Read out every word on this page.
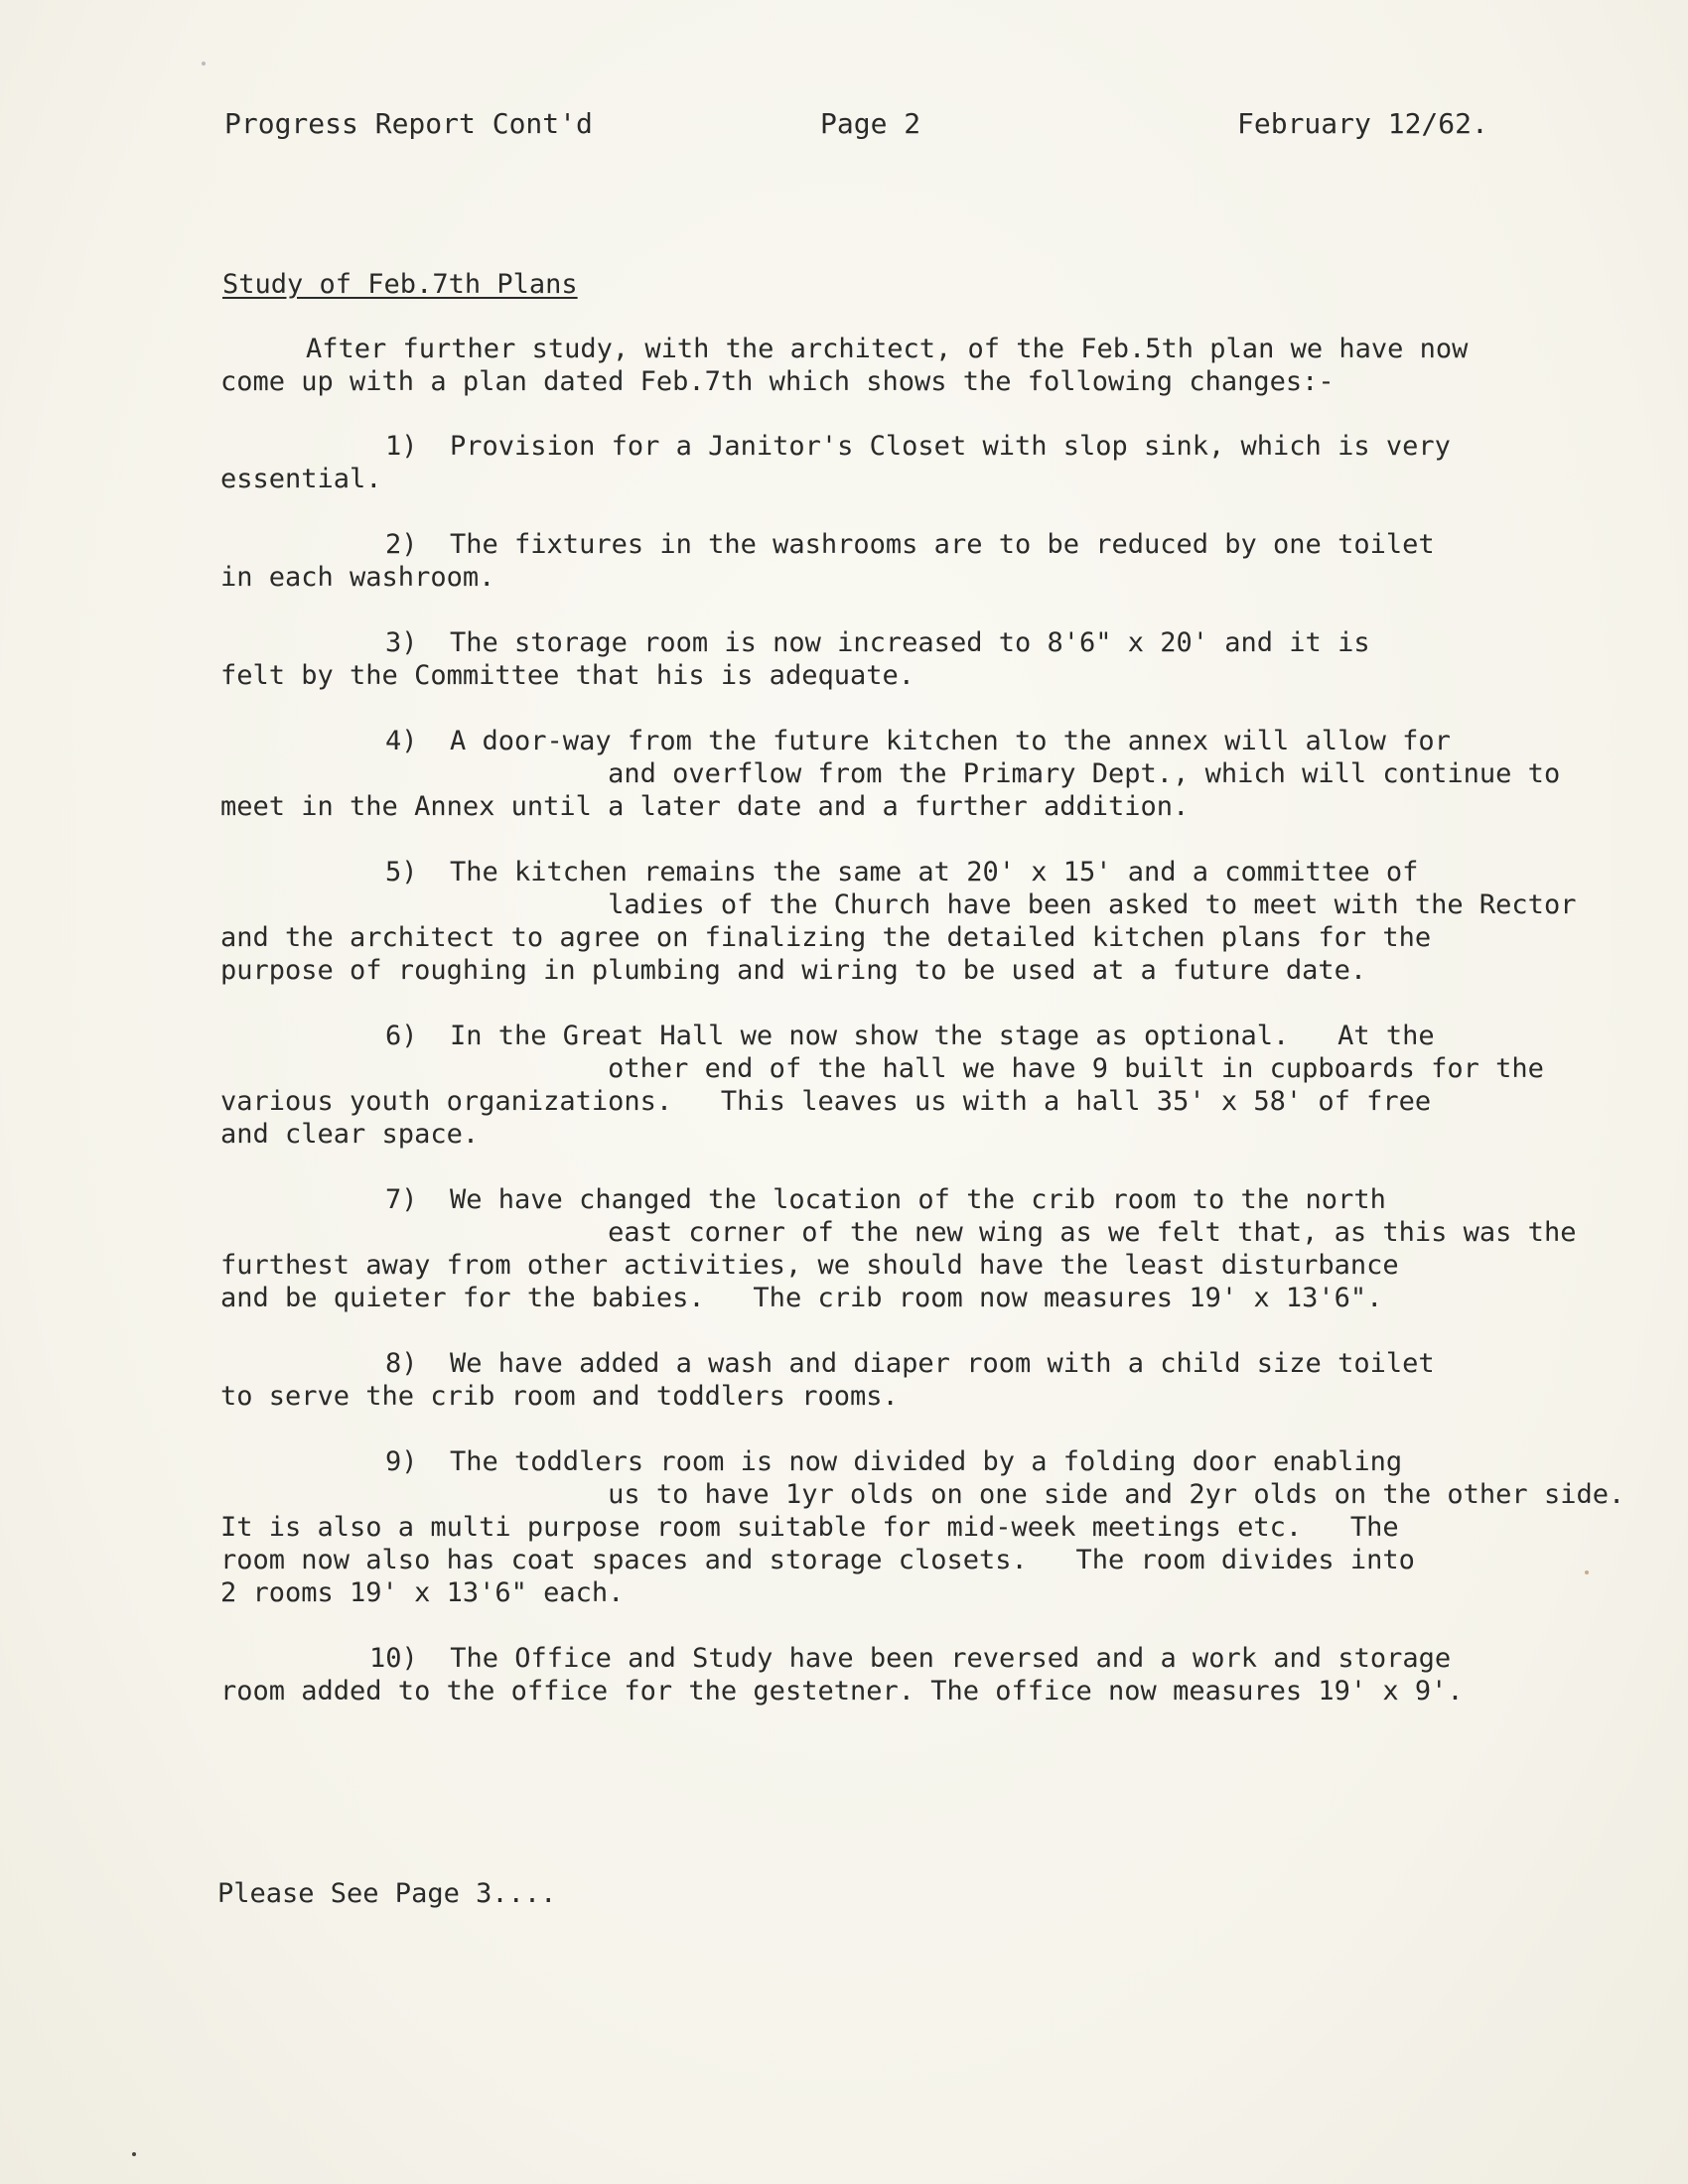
Progress Report Cont'd	Page 2	February 12/62.
Study of Feb.7th Plans
After further study, with the architect, of the Feb.5th plan we have now
come up with a plan dated Feb.7th which shows the following changes:-
1)  Provision for a Janitor's Closet with slop sink, which is very
essential.
2)  The fixtures in the washrooms are to be reduced by one toilet
in each washroom.
3)  The storage room is now increased to 8'6" x 20' and it is
felt by the Committee that his is adequate.
4)  A door-way from the future kitchen to the annex will allow for
and overflow from the Primary Dept., which will continue to
meet in the Annex until a later date and a further addition.
5)  The kitchen remains the same at 20' x 15' and a committee of
ladies of the Church have been asked to meet with the Rector
and the architect to agree on finalizing the detailed kitchen plans for the
purpose of roughing in plumbing and wiring to be used at a future date.
6)  In the Great Hall we now show the stage as optional.   At the
other end of the hall we have 9 built in cupboards for the
various youth organizations.   This leaves us with a hall 35' x 58' of free
and clear space.
7)  We have changed the location of the crib room to the north
east corner of the new wing as we felt that, as this was the
furthest away from other activities, we should have the least disturbance
and be quieter for the babies.   The crib room now measures 19' x 13'6".
8)  We have added a wash and diaper room with a child size toilet
to serve the crib room and toddlers rooms.
9)  The toddlers room is now divided by a folding door enabling
us to have 1yr olds on one side and 2yr olds on the other side.
It is also a multi purpose room suitable for mid-week meetings etc.   The
room now also has coat spaces and storage closets.   The room divides into
2 rooms 19' x 13'6" each.
10)  The Office and Study have been reversed and a work and storage
room added to the office for the gestetner. The office now measures 19' x 9'.
Please See Page 3....
